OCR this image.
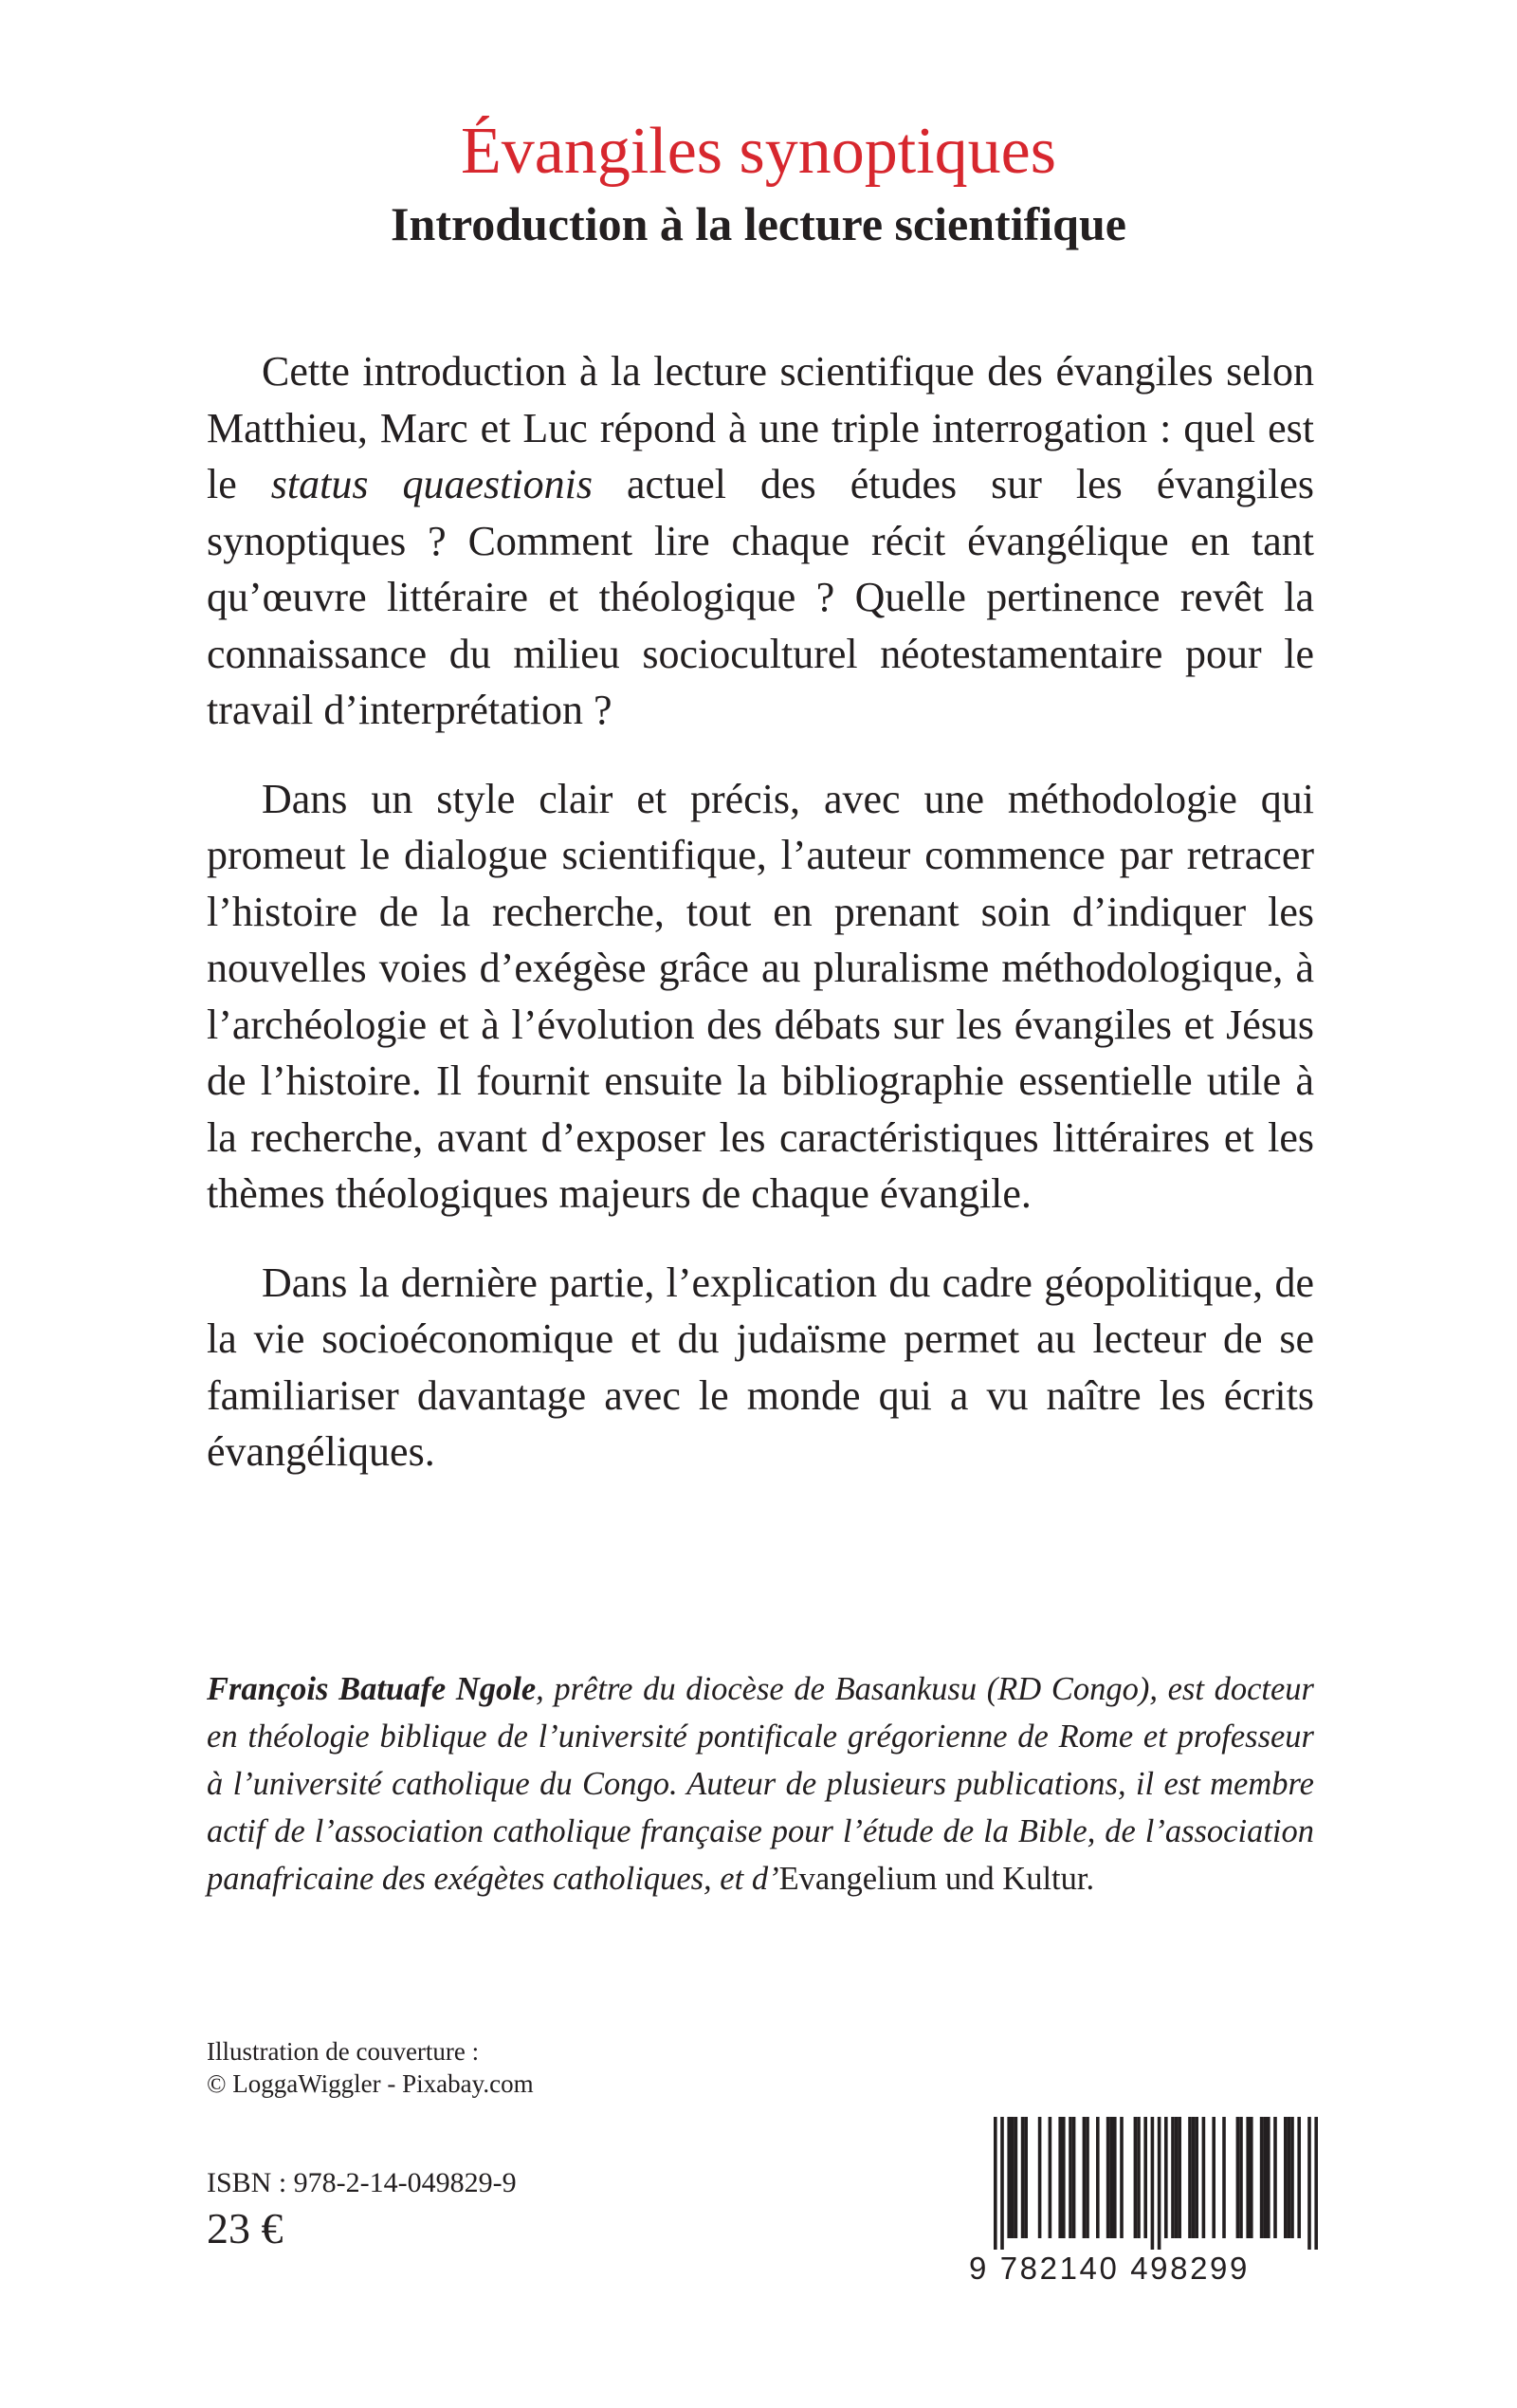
Évangiles synoptiques
Introduction à la lecture scientifique

Cette introduction à la lecture scientifique des évangiles selon Matthieu, Marc et Luc répond à une triple interrogation : quel est le status quaestionis actuel des études sur les évangiles synoptiques ? Comment lire chaque récit évangélique en tant qu’œuvre littéraire et théologique ? Quelle pertinence revêt la connaissance du milieu socioculturel néotestamentaire pour le travail d’interprétation ?

Dans un style clair et précis, avec une méthodologie qui promeut le dialogue scientifique, l’auteur commence par retracer l’histoire de la recherche, tout en prenant soin d’indiquer les nouvelles voies d’exégèse grâce au pluralisme méthodologique, à l’archéologie et à l’évolution des débats sur les évangiles et Jésus de l’histoire. Il fournit ensuite la bibliographie essentielle utile à la recherche, avant d’exposer les caractéristiques littéraires et les thèmes théologiques majeurs de chaque évangile.

Dans la dernière partie, l’explication du cadre géopolitique, de la vie socioéconomique et du judaïsme permet au lecteur de se familiariser davantage avec le monde qui a vu naître les écrits évangéliques.

François Batuafe Ngole, prêtre du diocèse de Basankusu (RD Congo), est docteur en théologie biblique de l’université pontificale grégorienne de Rome et professeur à l’université catholique du Congo. Auteur de plusieurs publications, il est membre actif de l’association catholique française pour l’étude de la Bible, de l’association panafricaine des exégètes catholiques, et d’Evangelium und Kultur.
Illustration de couverture :
© LoggaWiggler - Pixabay.com
ISBN : 978-2-14-049829-9
23 €
9 782140 498299
